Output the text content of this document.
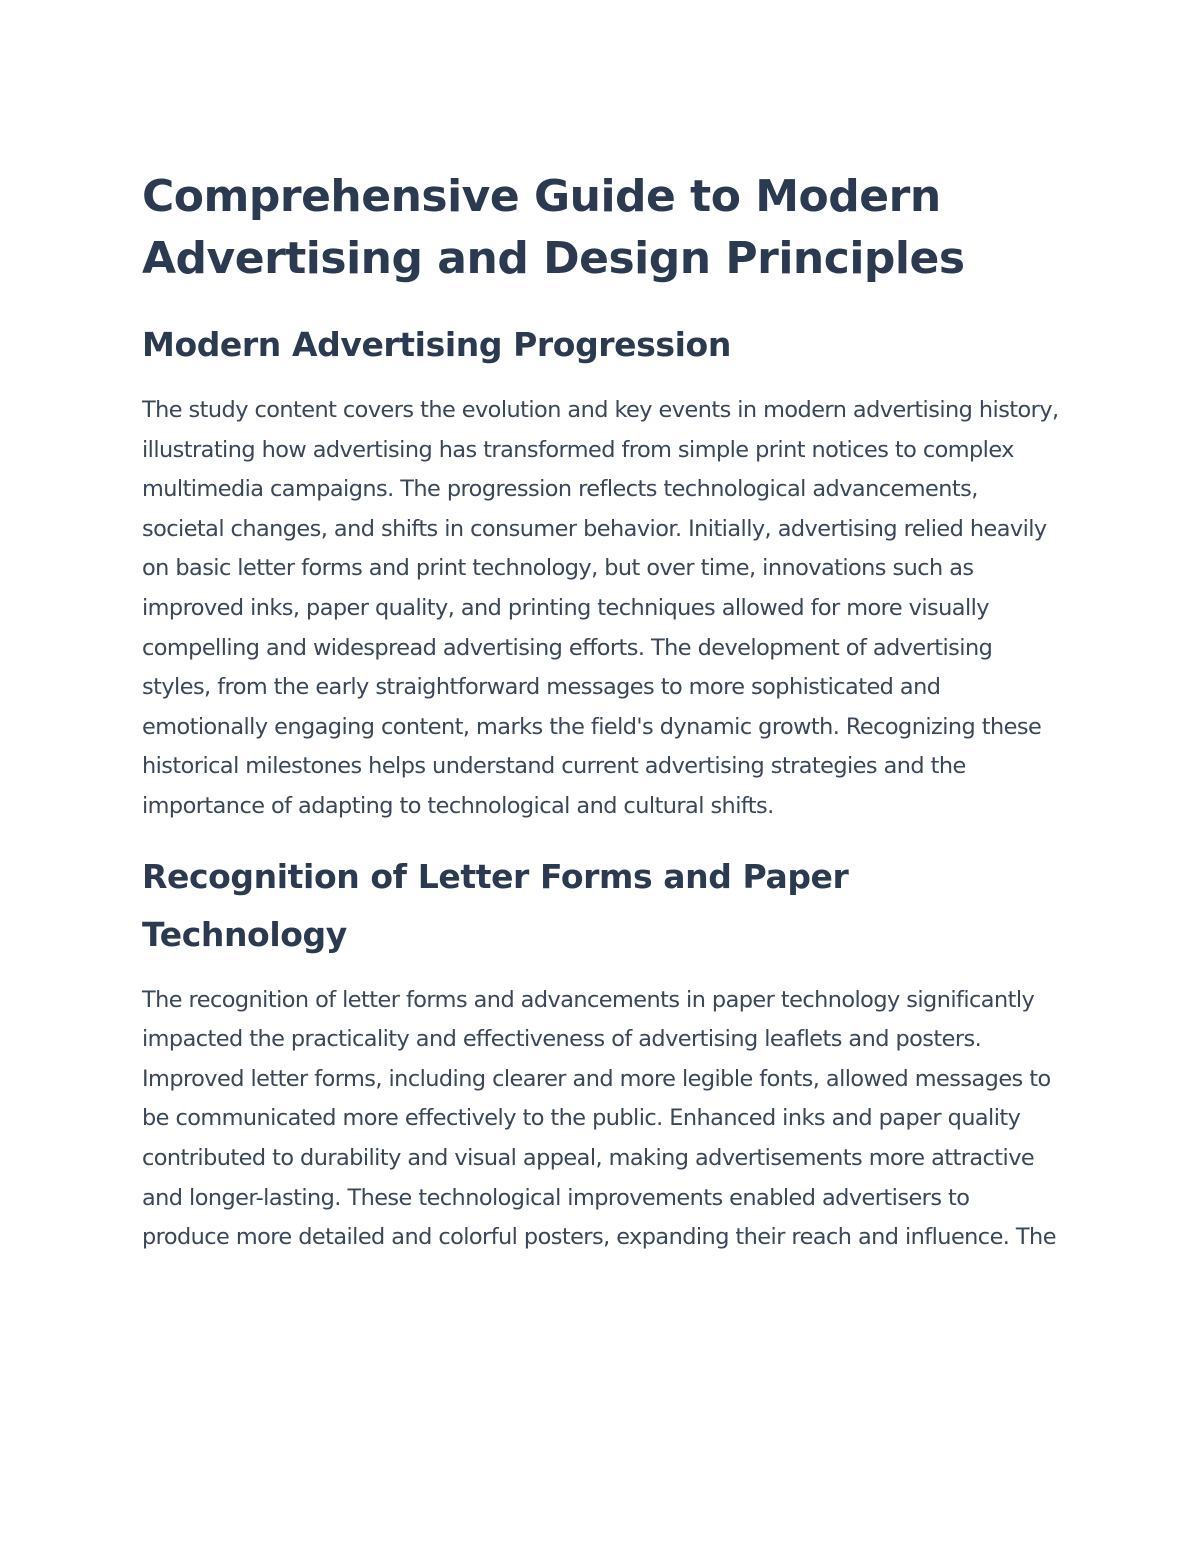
Comprehensive Guide to Modern Advertising and Design Principles
Modern Advertising Progression

The study content covers the evolution and key events in modern advertising history, illustrating how advertising has transformed from simple print notices to complex multimedia campaigns. The progression reflects technological advancements, societal changes, and shifts in consumer behavior. Initially, advertising relied heavily on basic letter forms and print technology, but over time, innovations such as improved inks, paper quality, and printing techniques allowed for more visually compelling and widespread advertising efforts. The development of advertising styles, from the early straightforward messages to more sophisticated and emotionally engaging content, marks the field's dynamic growth. Recognizing these historical milestones helps understand current advertising strategies and the importance of adapting to technological and cultural shifts.

Recognition of Letter Forms and Paper Technology

The recognition of letter forms and advancements in paper technology significantly impacted the practicality and effectiveness of advertising leaflets and posters. Improved letter forms, including clearer and more legible fonts, allowed messages to be communicated more effectively to the public. Enhanced inks and paper quality contributed to durability and visual appeal, making advertisements more attractive and longer-lasting. These technological improvements enabled advertisers to produce more detailed and colorful posters, expanding their reach and influence. The
